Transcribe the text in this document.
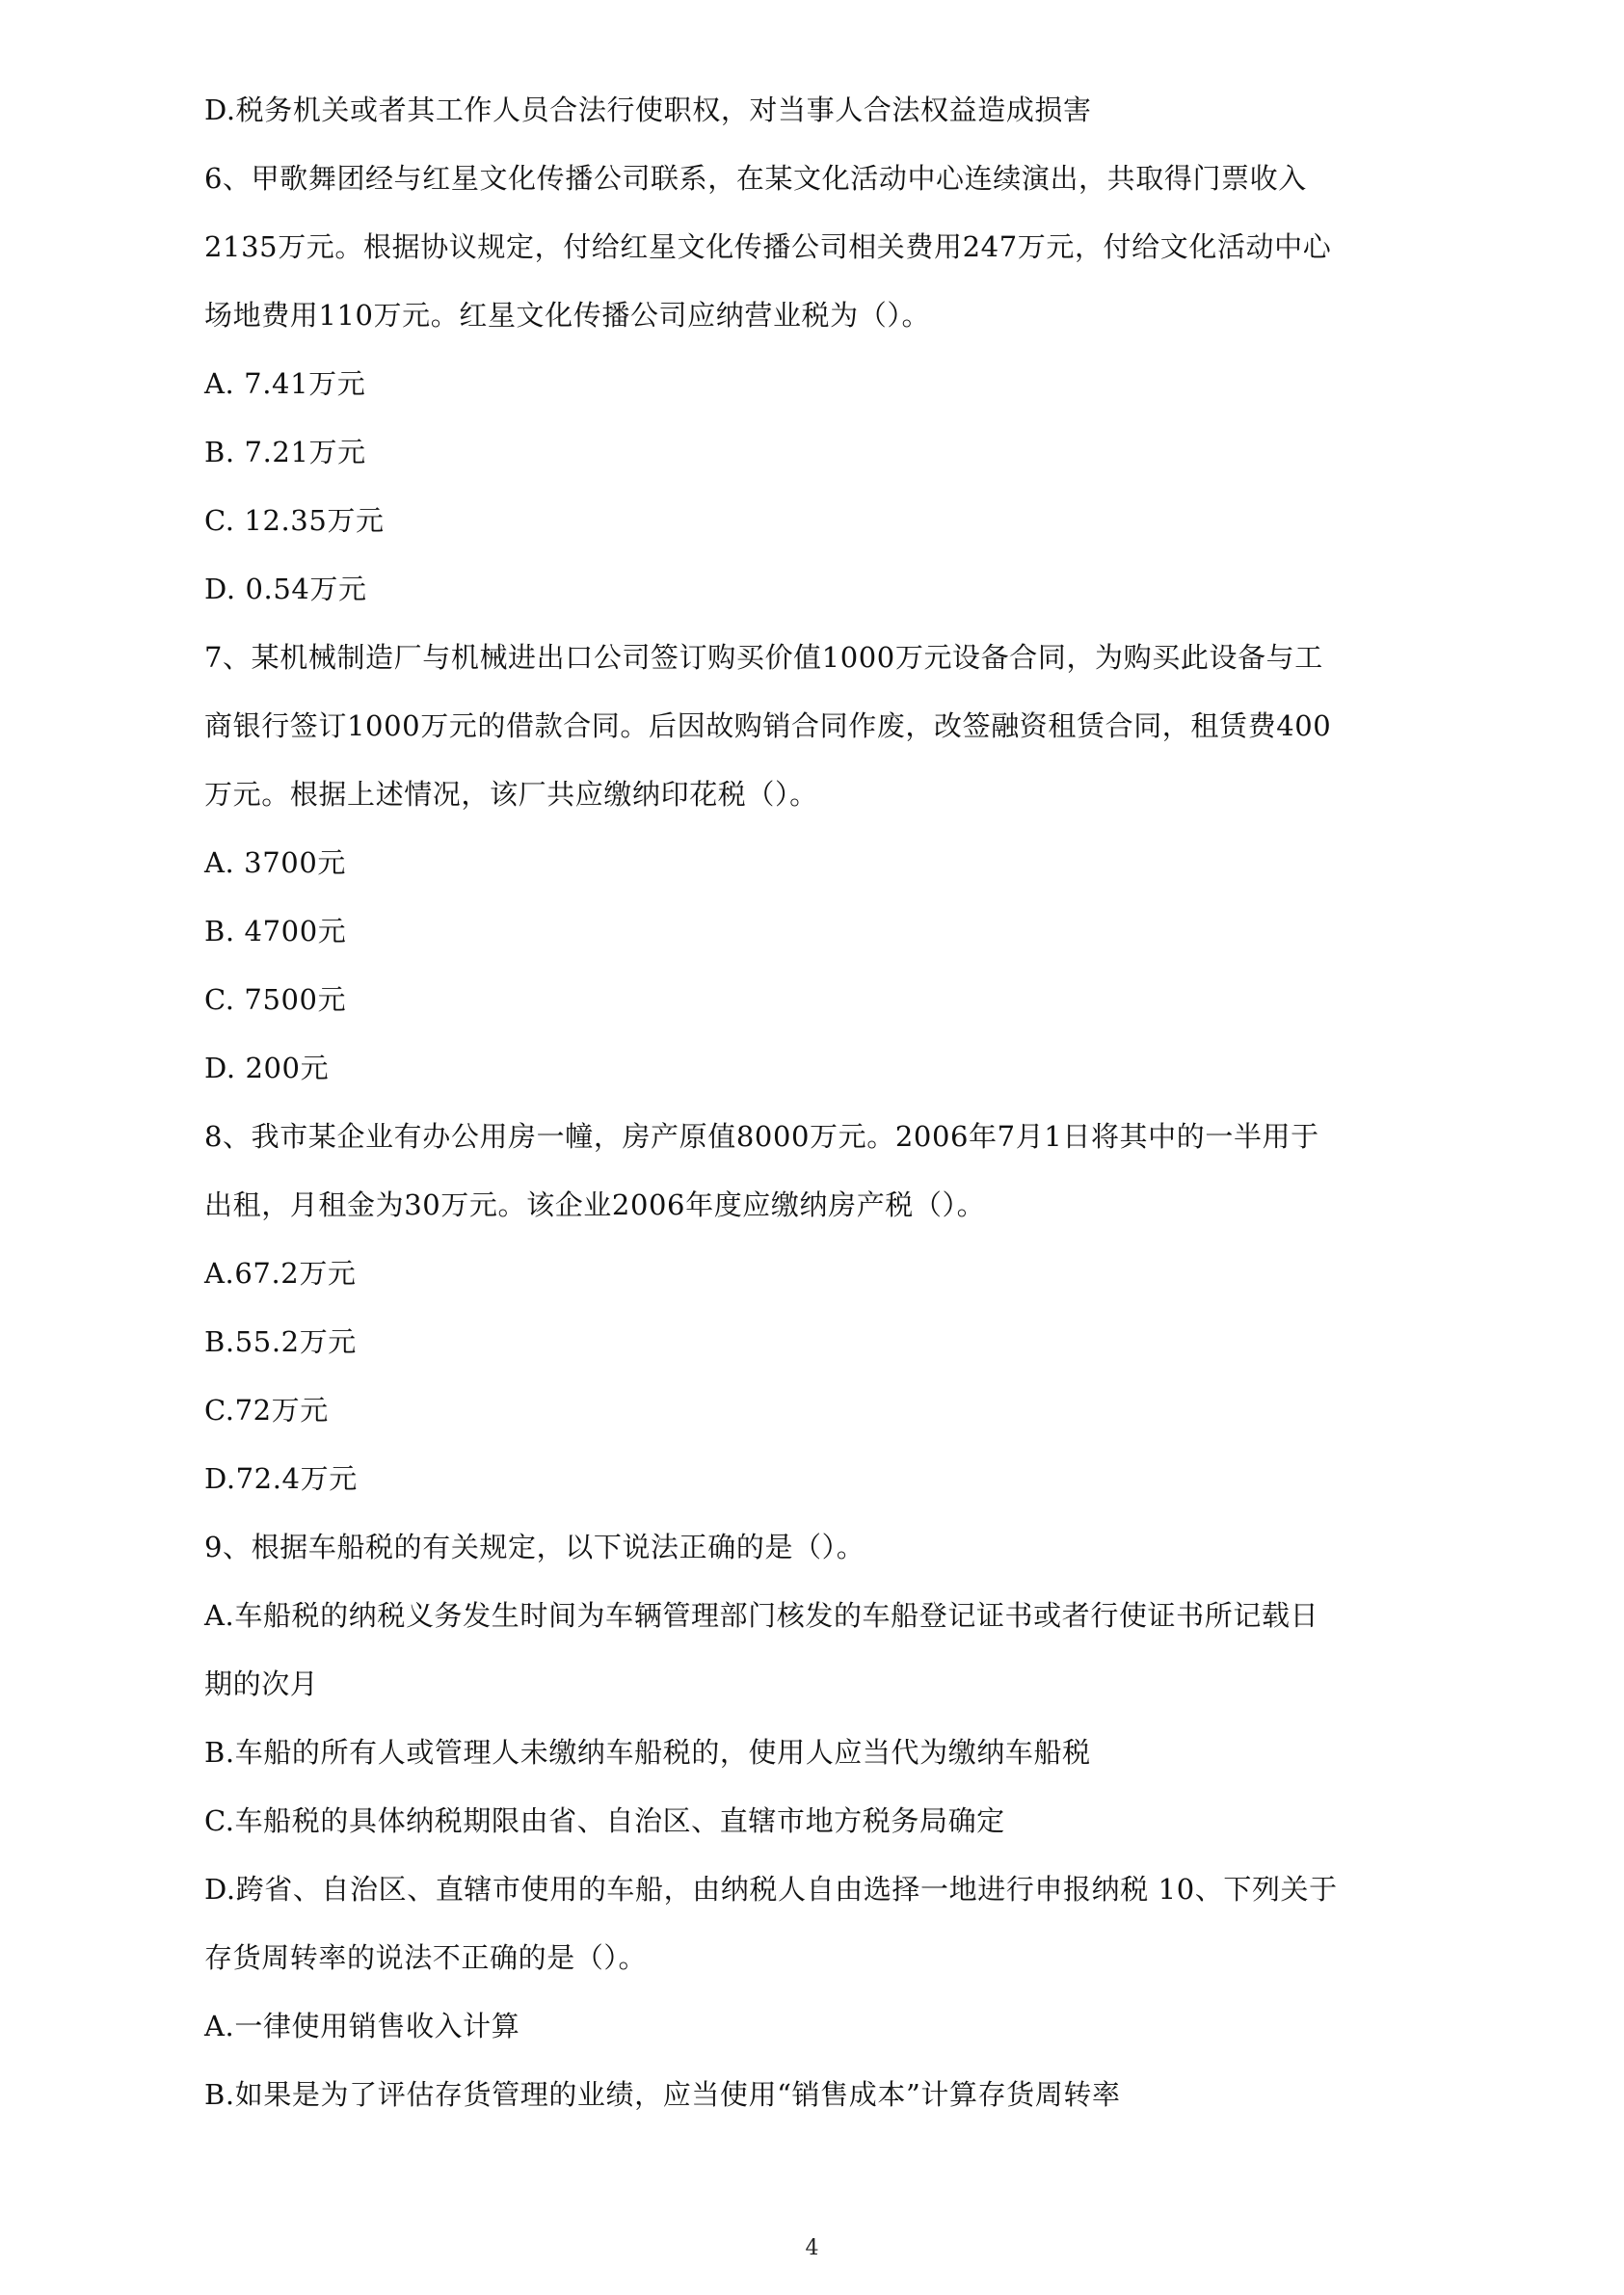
D.税务机关或者其工作人员合法行使职权，对当事人合法权益造成损害

6、甲歌舞团经与红星文化传播公司联系，在某文化活动中心连续演出，共取得门票收入

2135万元。根据协议规定，付给红星文化传播公司相关费用247万元，付给文化活动中心

场地费用110万元。红星文化传播公司应纳营业税为（）。

A. 7.41万元

B. 7.21万元

C. 12.35万元

D. 0.54万元

7、某机械制造厂与机械进出口公司签订购买价值1000万元设备合同，为购买此设备与工

商银行签订1000万元的借款合同。后因故购销合同作废，改签融资租赁合同，租赁费400

万元。根据上述情况，该厂共应缴纳印花税（）。

A. 3700元

B. 4700元

C. 7500元

D. 200元

8、我市某企业有办公用房一幢，房产原值8000万元。2006年7月1日将其中的一半用于

出租，月租金为30万元。该企业2006年度应缴纳房产税（）。

A.67.2万元

B.55.2万元

C.72万元

D.72.4万元

9、根据车船税的有关规定，以下说法正确的是（）。

A.车船税的纳税义务发生时间为车辆管理部门核发的车船登记证书或者行使证书所记载日

期的次月

B.车船的所有人或管理人未缴纳车船税的，使用人应当代为缴纳车船税

C.车船税的具体纳税期限由省、自治区、直辖市地方税务局确定

D.跨省、自治区、直辖市使用的车船，由纳税人自由选择一地进行申报纳税 10、下列关于

存货周转率的说法不正确的是（）。

A.一律使用销售收入计算

B.如果是为了评估存货管理的业绩，应当使用“销售成本”计算存货周转率

4
